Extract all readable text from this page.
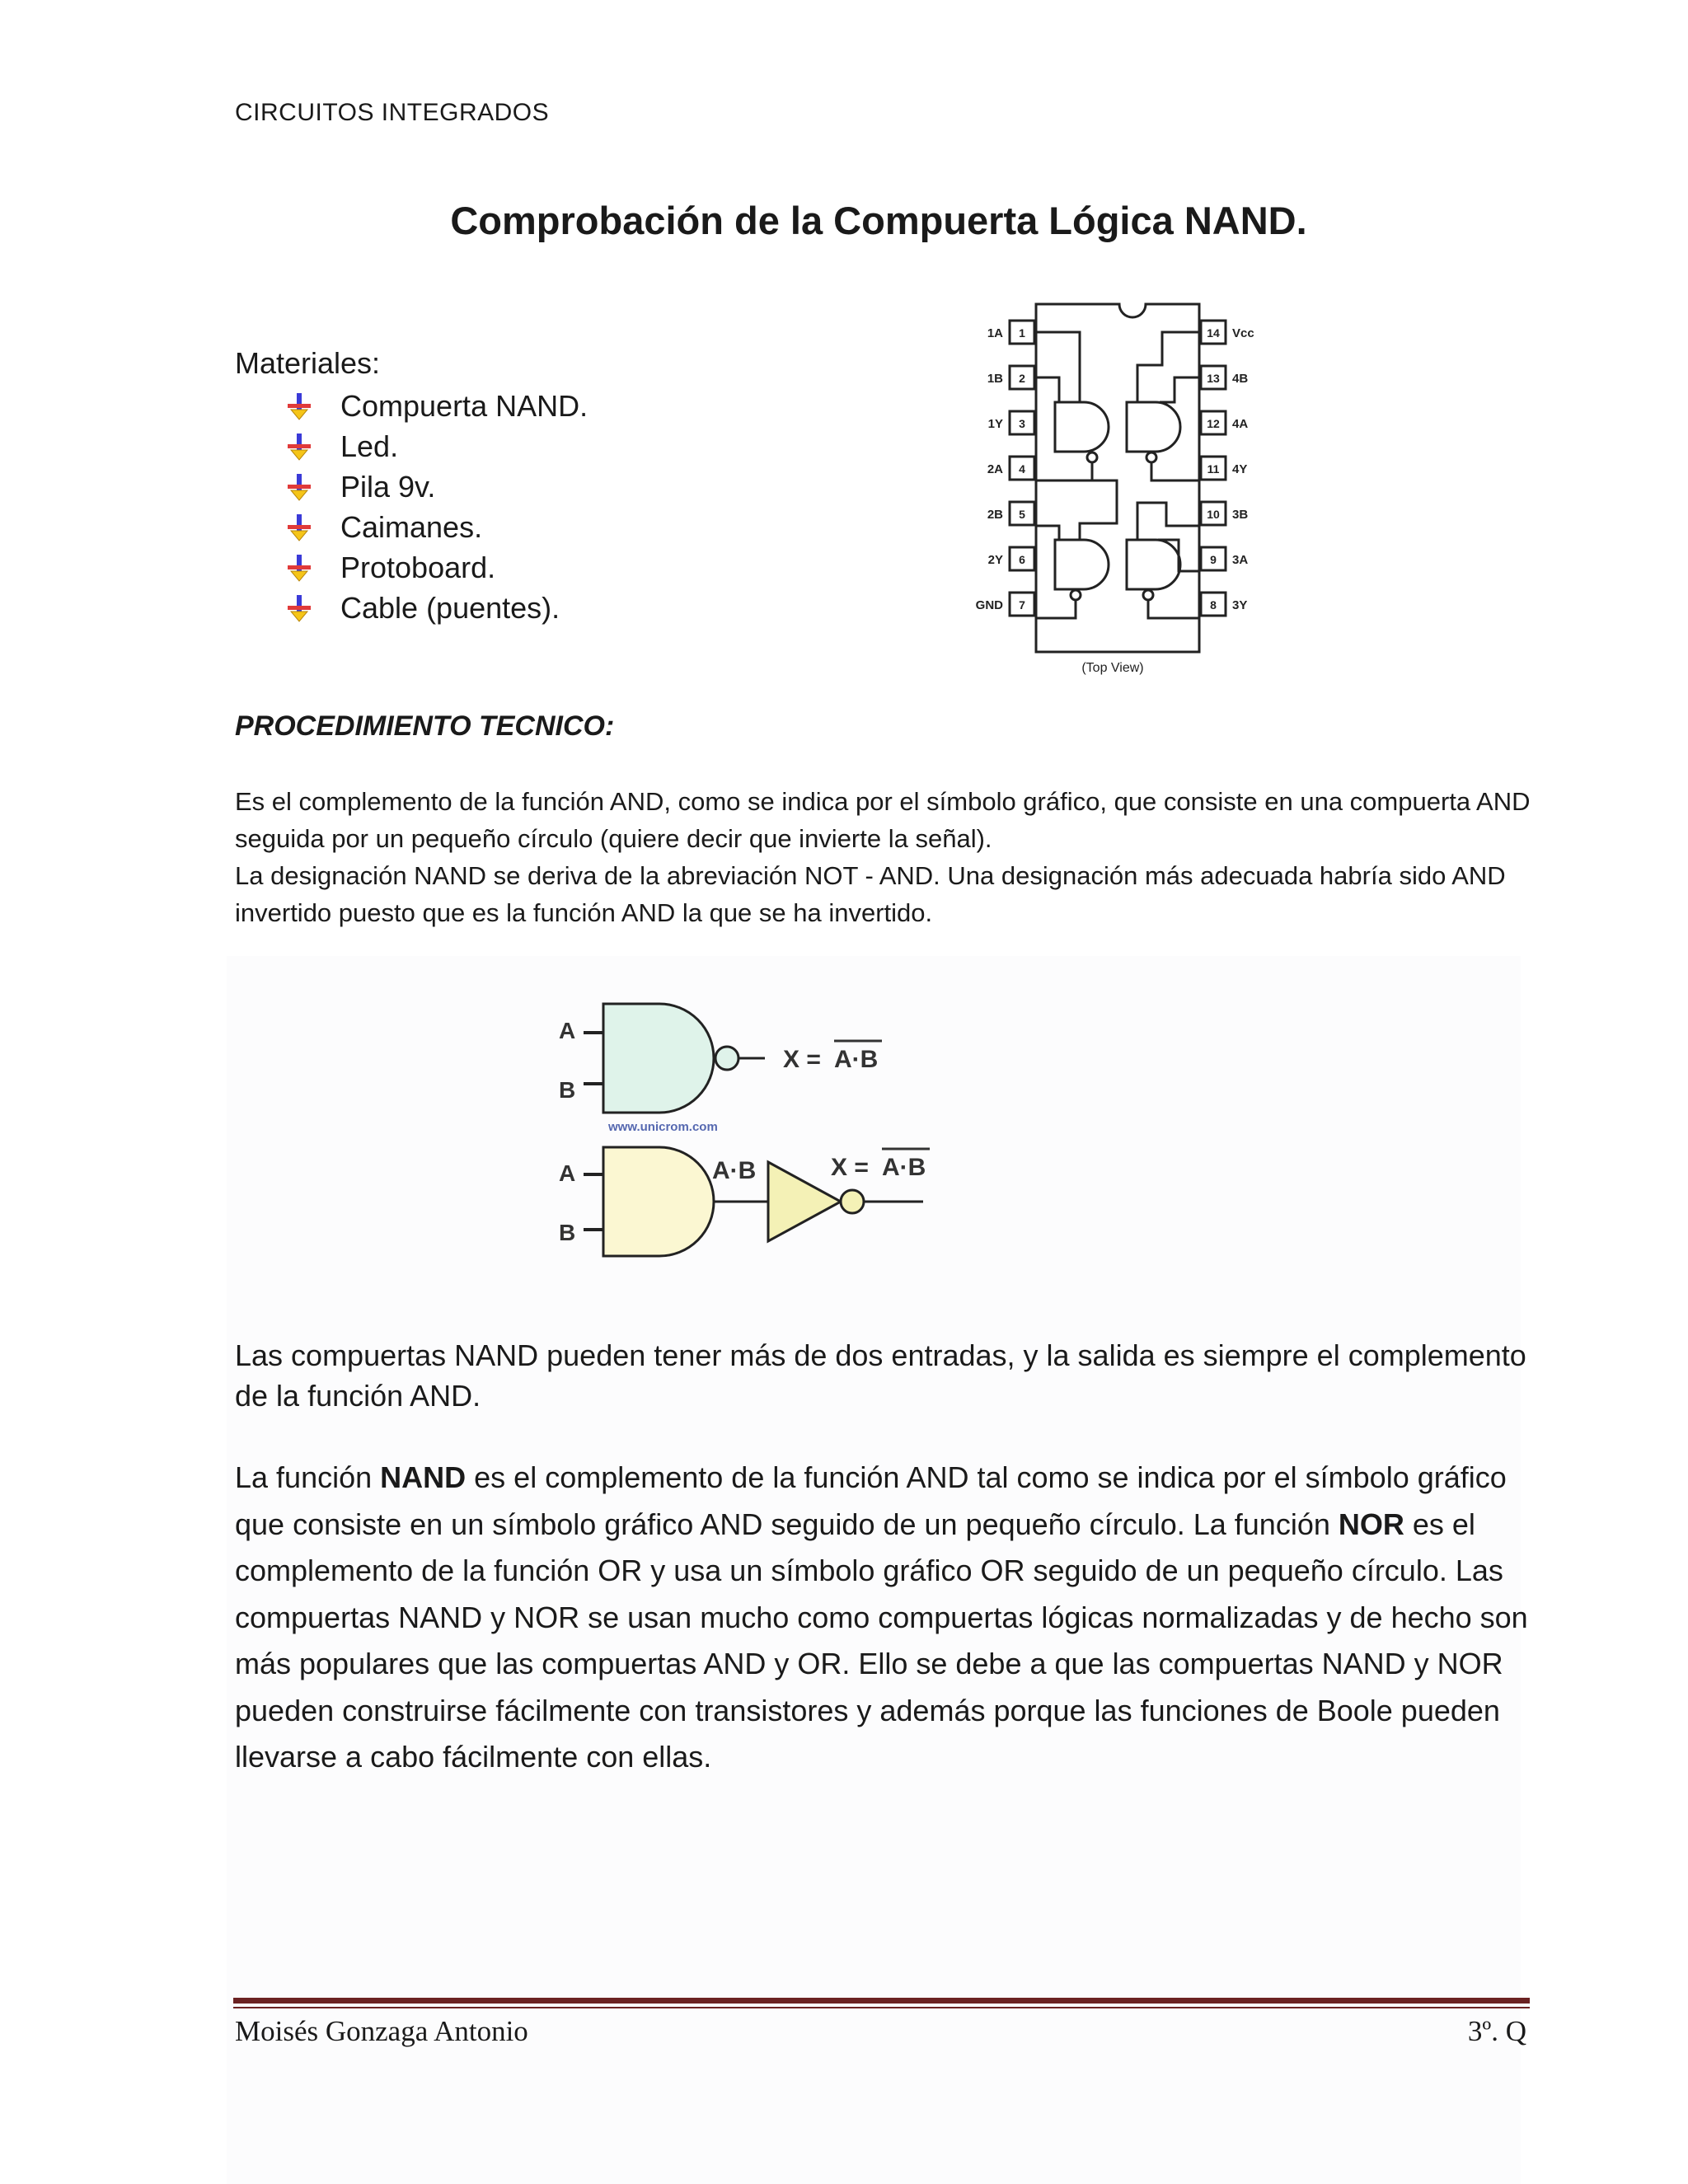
CIRCUITOS INTEGRADOS
Comprobación de la Compuerta Lógica NAND.
Materiales:
Compuerta NAND.
Led.
Pila 9v.
Caimanes.
Protoboard.
Cable (puentes).
1
1A
2
1B
3
1Y
4
2A
5
2B
6
2Y
7
GND
14 Vcc
13 4B
12 4A
11 4Y
10 3B
9 3A
8 3Y
(Top View)
PROCEDIMIENTO TECNICO:

Es el complemento de la función AND, como se indica por el símbolo gráfico, que consiste en una compuerta AND seguida por un pequeño círculo (quiere decir que invierte la señal).

La designación NAND se deriva de la abreviación NOT - AND. Una designación más adecuada habría sido AND invertido puesto que es la función AND la que se ha invertido.

A
B
X = A·B
www.unicrom.com
A
B
A·B	X = A·B
Las compuertas NAND pueden tener más de dos entradas, y la salida es siempre el complemento de la función AND.
La función NAND es el complemento de la función AND tal como se indica por el símbolo gráfico que consiste en un símbolo gráfico AND seguido de un pequeño círculo. La función NOR es el complemento de la función OR y usa un símbolo gráfico OR seguido de un pequeño círculo. Las compuertas NAND y NOR se usan mucho como compuertas lógicas normalizadas y de hecho son más populares que las compuertas AND y OR. Ello se debe a que las compuertas NAND y NOR pueden construirse fácilmente con transistores y además porque las funciones de Boole pueden llevarse a cabo fácilmente con ellas.
Moisés Gonzaga Antonio	3º. Q
